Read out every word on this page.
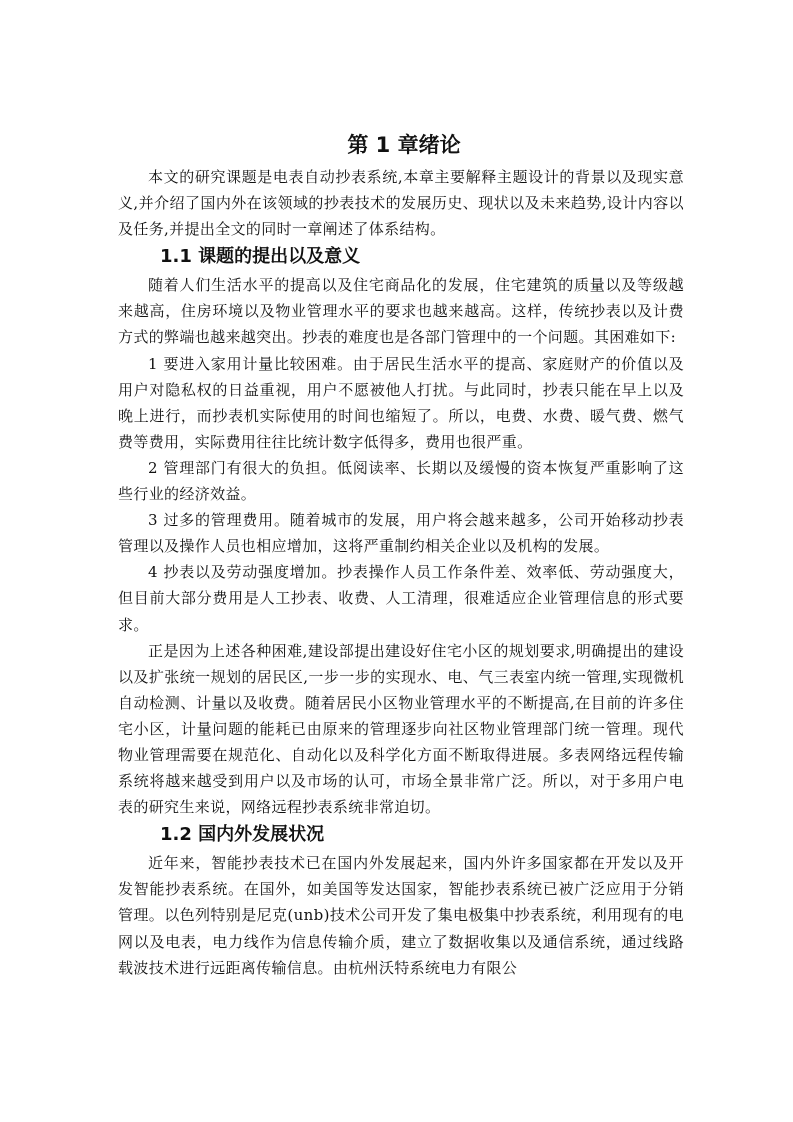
第 1 章绪论

本文的研究课题是电表自动抄表系统,本章主要解释主题设计的背景以及现实意义,并介绍了国内外在该领域的抄表技术的发展历史、现状以及未来趋势,设计内容以及任务,并提出全文的同时一章阐述了体系结构。

1.1 课题的提出以及意义

随着人们生活水平的提高以及住宅商品化的发展，住宅建筑的质量以及等级越来越高，住房环境以及物业管理水平的要求也越来越高。这样，传统抄表以及计费方式的弊端也越来越突出。抄表的难度也是各部门管理中的一个问题。其困难如下:

1 要进入家用计量比较困难。由于居民生活水平的提高、家庭财产的价值以及用户对隐私权的日益重视，用户不愿被他人打扰。与此同时，抄表只能在早上以及晚上进行，而抄表机实际使用的时间也缩短了。所以，电费、水费、暖气费、燃气费等费用，实际费用往往比统计数字低得多，费用也很严重。

2 管理部门有很大的负担。低阅读率、长期以及缓慢的资本恢复严重影响了这些行业的经济效益。

3 过多的管理费用。随着城市的发展，用户将会越来越多，公司开始移动抄表管理以及操作人员也相应增加，这将严重制约相关企业以及机构的发展。

4 抄表以及劳动强度增加。抄表操作人员工作条件差、效率低、劳动强度大，但目前大部分费用是人工抄表、收费、人工清理，很难适应企业管理信息的形式要求。

正是因为上述各种困难,建设部提出建设好住宅小区的规划要求,明确提出的建设以及扩张统一规划的居民区,一步一步的实现水、电、气三表室内统一管理,实现微机自动检测、计量以及收费。随着居民小区物业管理水平的不断提高,在目前的许多住宅小区，计量问题的能耗已由原来的管理逐步向社区物业管理部门统一管理。现代物业管理需要在规范化、自动化以及科学化方面不断取得进展。多表网络远程传输系统将越来越受到用户以及市场的认可，市场全景非常广泛。所以，对于多用户电表的研究生来说，网络远程抄表系统非常迫切。

1.2 国内外发展状况

近年来，智能抄表技术已在国内外发展起来，国内外许多国家都在开发以及开发智能抄表系统。在国外，如美国等发达国家，智能抄表系统已被广泛应用于分销管理。以色列特别是尼克(unb)技术公司开发了集电极集中抄表系统，利用现有的电网以及电表，电力线作为信息传输介质，建立了数据收集以及通信系统，通过线路载波技术进行远距离传输信息。由杭州沃特系统电力有限公
